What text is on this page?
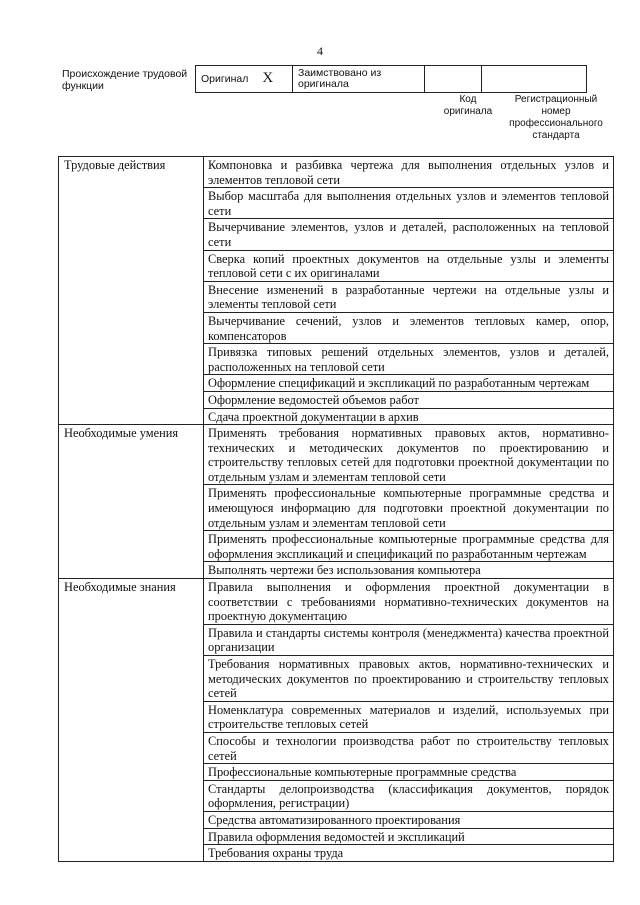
4
Происхождение трудовой функции
Оригинал X	Заимствовано из оригинала		
Код оригинала
Регистрационный номер профессионального стандарта
Трудовые действия	Компоновка и разбивка чертежа для выполнения отдельных узлов и элементов тепловой сети
	Выбор масштаба для выполнения отдельных узлов и элементов тепловой сети
	Вычерчивание элементов, узлов и деталей, расположенных на тепловой сети
	Сверка копий проектных документов на отдельные узлы и элементы тепловой сети с их оригиналами
	Внесение изменений в разработанные чертежи на отдельные узлы и элементы тепловой сети
	Вычерчивание сечений, узлов и элементов тепловых камер, опор, компенсаторов
	Привязка типовых решений отдельных элементов, узлов и деталей, расположенных на тепловой сети
	Оформление спецификаций и экспликаций по разработанным чертежам
	Оформление ведомостей объемов работ
	Сдача проектной документации в архив
Необходимые умения	Применять требования нормативных правовых актов, нормативно-технических и методических документов по проектированию и строительству тепловых сетей для подготовки проектной документации по отдельным узлам и элементам тепловой сети
	Применять профессиональные компьютерные программные средства и имеющуюся информацию для подготовки проектной документации по отдельным узлам и элементам тепловой сети
	Применять профессиональные компьютерные программные средства для оформления экспликаций и спецификаций по разработанным чертежам
	Выполнять чертежи без использования компьютера
Необходимые знания	Правила выполнения и оформления проектной документации в соответствии с требованиями нормативно-технических документов на проектную документацию
	Правила и стандарты системы контроля (менеджмента) качества проектной организации
	Требования нормативных правовых актов, нормативно-технических и методических документов по проектированию и строительству тепловых сетей
	Номенклатура современных материалов и изделий, используемых при строительстве тепловых сетей
	Способы и технологии производства работ по строительству тепловых сетей
	Профессиональные компьютерные программные средства
	Стандарты делопроизводства (классификация документов, порядок оформления, регистрации)
	Средства автоматизированного проектирования
	Правила оформления ведомостей и экспликаций
	Требования охраны труда
